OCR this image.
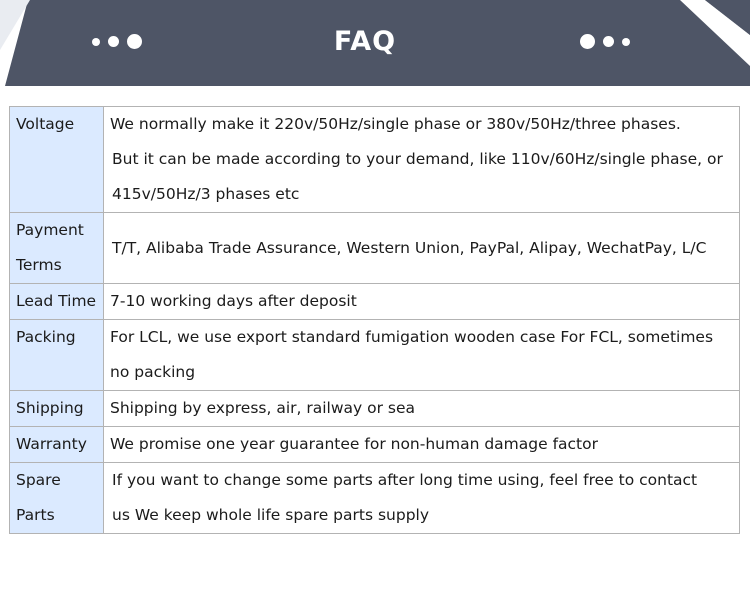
FAQ
Voltage	We normally make it 220v/50Hz/single phase or 380v/50Hz/three phases.
But it can be made according to your demand, like 110v/60Hz/single phase, or
415v/50Hz/3 phases etc

Payment Terms	T/T, Alibaba Trade Assurance, Western Union, PayPal, Alipay, WechatPay, L/C

Lead Time	7-10 working days after deposit

Packing	For LCL, we use export standard fumigation wooden case For FCL, sometimes
no packing

Shipping	Shipping by express, air, railway or sea

Warranty	We promise one year guarantee for non-human damage factor

Spare Parts	If you want to change some parts after long time using, feel free to contact
us We keep whole life spare parts supply
